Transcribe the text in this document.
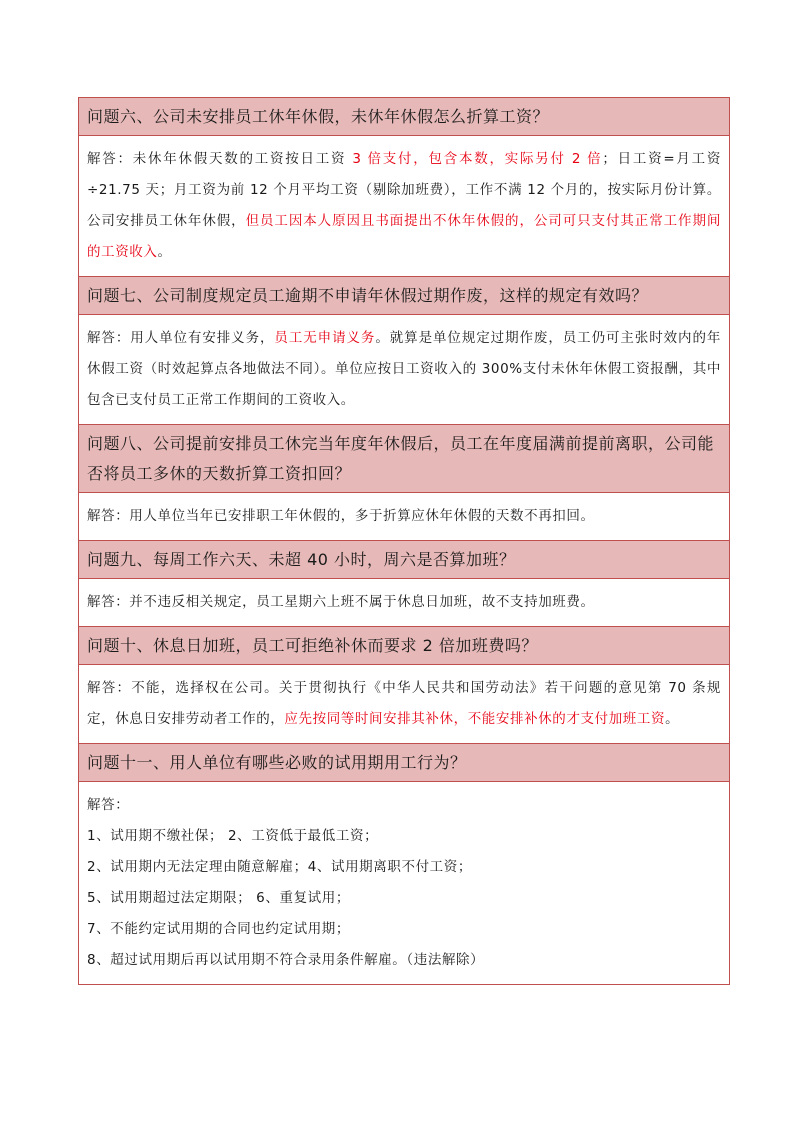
问题六、公司未安排员工休年休假，未休年休假怎么折算工资？
解答：未休年休假天数的工资按日工资 3 倍支付，包含本数，实际另付 2 倍；日工资=月工资÷21.75 天；月工资为前 12 个月平均工资（剔除加班费），工作不满 12 个月的，按实际月份计算。公司安排员工休年休假，但员工因本人原因且书面提出不休年休假的，公司可只支付其正常工作期间的工资收入。
问题七、公司制度规定员工逾期不申请年休假过期作废，这样的规定有效吗？
解答：用人单位有安排义务，员工无申请义务。就算是单位规定过期作废，员工仍可主张时效内的年休假工资（时效起算点各地做法不同）。单位应按日工资收入的 300%支付未休年休假工资报酬，其中包含已支付员工正常工作期间的工资收入。
问题八、公司提前安排员工休完当年度年休假后，员工在年度届满前提前离职，公司能否将员工多休的天数折算工资扣回？
解答：用人单位当年已安排职工年休假的，多于折算应休年休假的天数不再扣回。
问题九、每周工作六天、未超 40 小时，周六是否算加班？
解答：并不违反相关规定，员工星期六上班不属于休息日加班，故不支持加班费。
问题十、休息日加班，员工可拒绝补休而要求 2 倍加班费吗？
解答：不能，选择权在公司。关于贯彻执行《中华人民共和国劳动法》若干问题的意见第 70 条规定，休息日安排劳动者工作的，应先按同等时间安排其补休，不能安排补休的才支付加班工资。
问题十一、用人单位有哪些必败的试用期用工行为？
解答：
1、试用期不缴社保； 2、工资低于最低工资；
2、试用期内无法定理由随意解雇；4、试用期离职不付工资；
5、试用期超过法定期限； 6、重复试用；
7、不能约定试用期的合同也约定试用期；
8、超过试用期后再以试用期不符合录用条件解雇。（违法解除）
